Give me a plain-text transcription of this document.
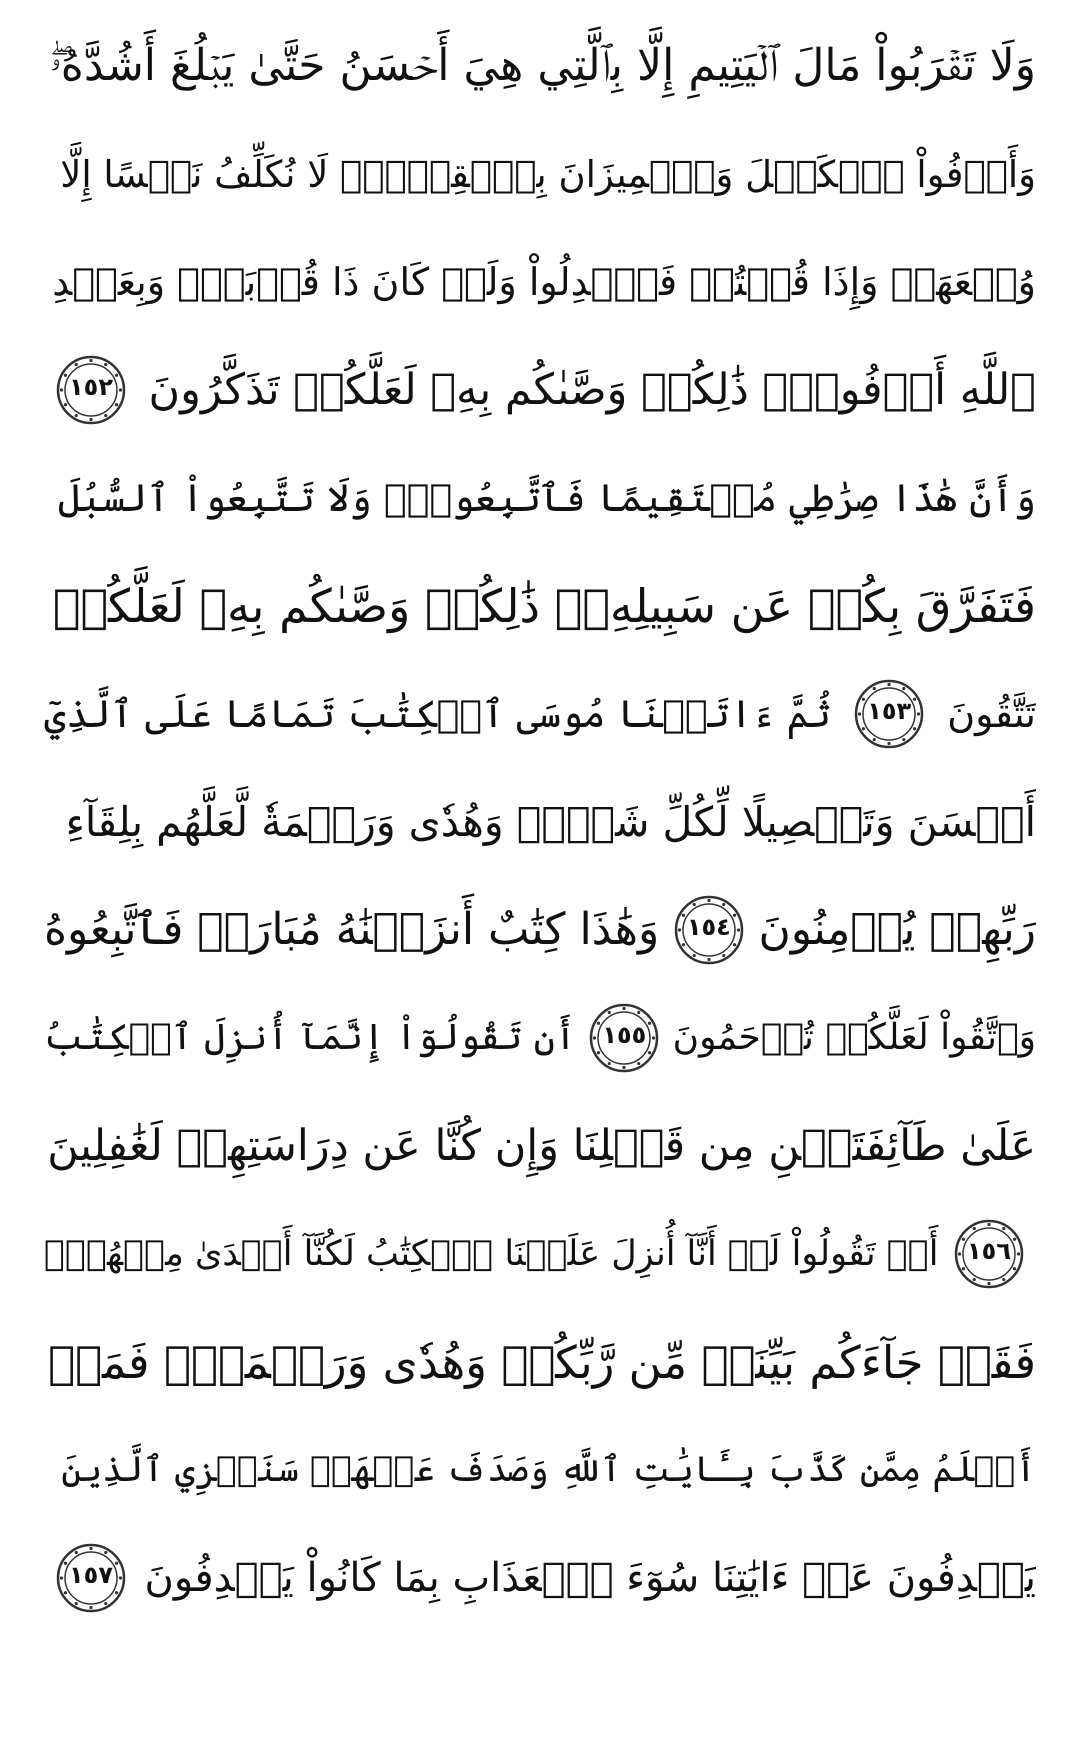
وَلَا تَقۡرَبُواْ مَالَ ٱلۡيَتِيمِ إِلَّا بِٱلَّتِي هِيَ أَحۡسَنُ حَتَّىٰ يَبۡلُغَ أَشُدَّهُۥۖ
وَأَوۡفُواْ ٱلۡكَيۡلَ وَٱلۡمِيزَانَ بِٱلۡقِسۡطِۖ لَا نُكَلِّفُ نَفۡسًا إِلَّا
وُسۡعَهَاۖ وَإِذَا قُلۡتُمۡ فَٱعۡدِلُواْ وَلَوۡ كَانَ ذَا قُرۡبَىٰۖ وَبِعَهۡدِ
ٱللَّهِ أَوۡفُواْۚ ذَٰلِكُمۡ وَصَّىٰكُم بِهِۦ لَعَلَّكُمۡ تَذَكَّرُونَ
١٥٢
وَأَنَّ هَٰذَا صِرَٰطِي مُسۡتَقِيمًا فَٱتَّبِعُوهُۖ وَلَا تَتَّبِعُواْ ٱلسُّبُلَ
فَتَفَرَّقَ بِكُمۡ عَن سَبِيلِهِۦۚ ذَٰلِكُمۡ وَصَّىٰكُم بِهِۦ لَعَلَّكُمۡ
تَتَّقُونَ
١٥٣
ثُمَّ ءَاتَيۡنَا مُوسَى ٱلۡكِتَٰبَ تَمَامًا عَلَى ٱلَّذِيٓ
أَحۡسَنَ وَتَفۡصِيلًا لِّكُلِّ شَيۡءٖ وَهُدٗى وَرَحۡمَةٗ لَّعَلَّهُم بِلِقَآءِ
رَبِّهِمۡ يُؤۡمِنُونَ
١٥٤
وَهَٰذَا كِتَٰبٌ أَنزَلۡنَٰهُ مُبَارَكٞ فَٱتَّبِعُوهُ
وَٱتَّقُواْ لَعَلَّكُمۡ تُرۡحَمُونَ
١٥٥
أَن تَقُولُوٓاْ إِنَّمَآ أُنزِلَ ٱلۡكِتَٰبُ
عَلَىٰ طَآئِفَتَيۡنِ مِن قَبۡلِنَا وَإِن كُنَّا عَن دِرَاسَتِهِمۡ لَغَٰفِلِينَ
١٥٦
أَوۡ تَقُولُواْ لَوۡ أَنَّآ أُنزِلَ عَلَيۡنَا ٱلۡكِتَٰبُ لَكُنَّآ أَهۡدَىٰ مِنۡهُمۡۚ
فَقَدۡ جَآءَكُم بَيِّنَةٞ مِّن رَّبِّكُمۡ وَهُدٗى وَرَحۡمَةٞۚ فَمَنۡ
أَظۡلَمُ مِمَّن كَذَّبَ بِـَٔايَٰتِ ٱللَّهِ وَصَدَفَ عَنۡهَاۗ سَنَجۡزِي ٱلَّذِينَ
يَصۡدِفُونَ عَنۡ ءَايَٰتِنَا سُوٓءَ ٱلۡعَذَابِ بِمَا كَانُواْ يَصۡدِفُونَ
١٥٧
